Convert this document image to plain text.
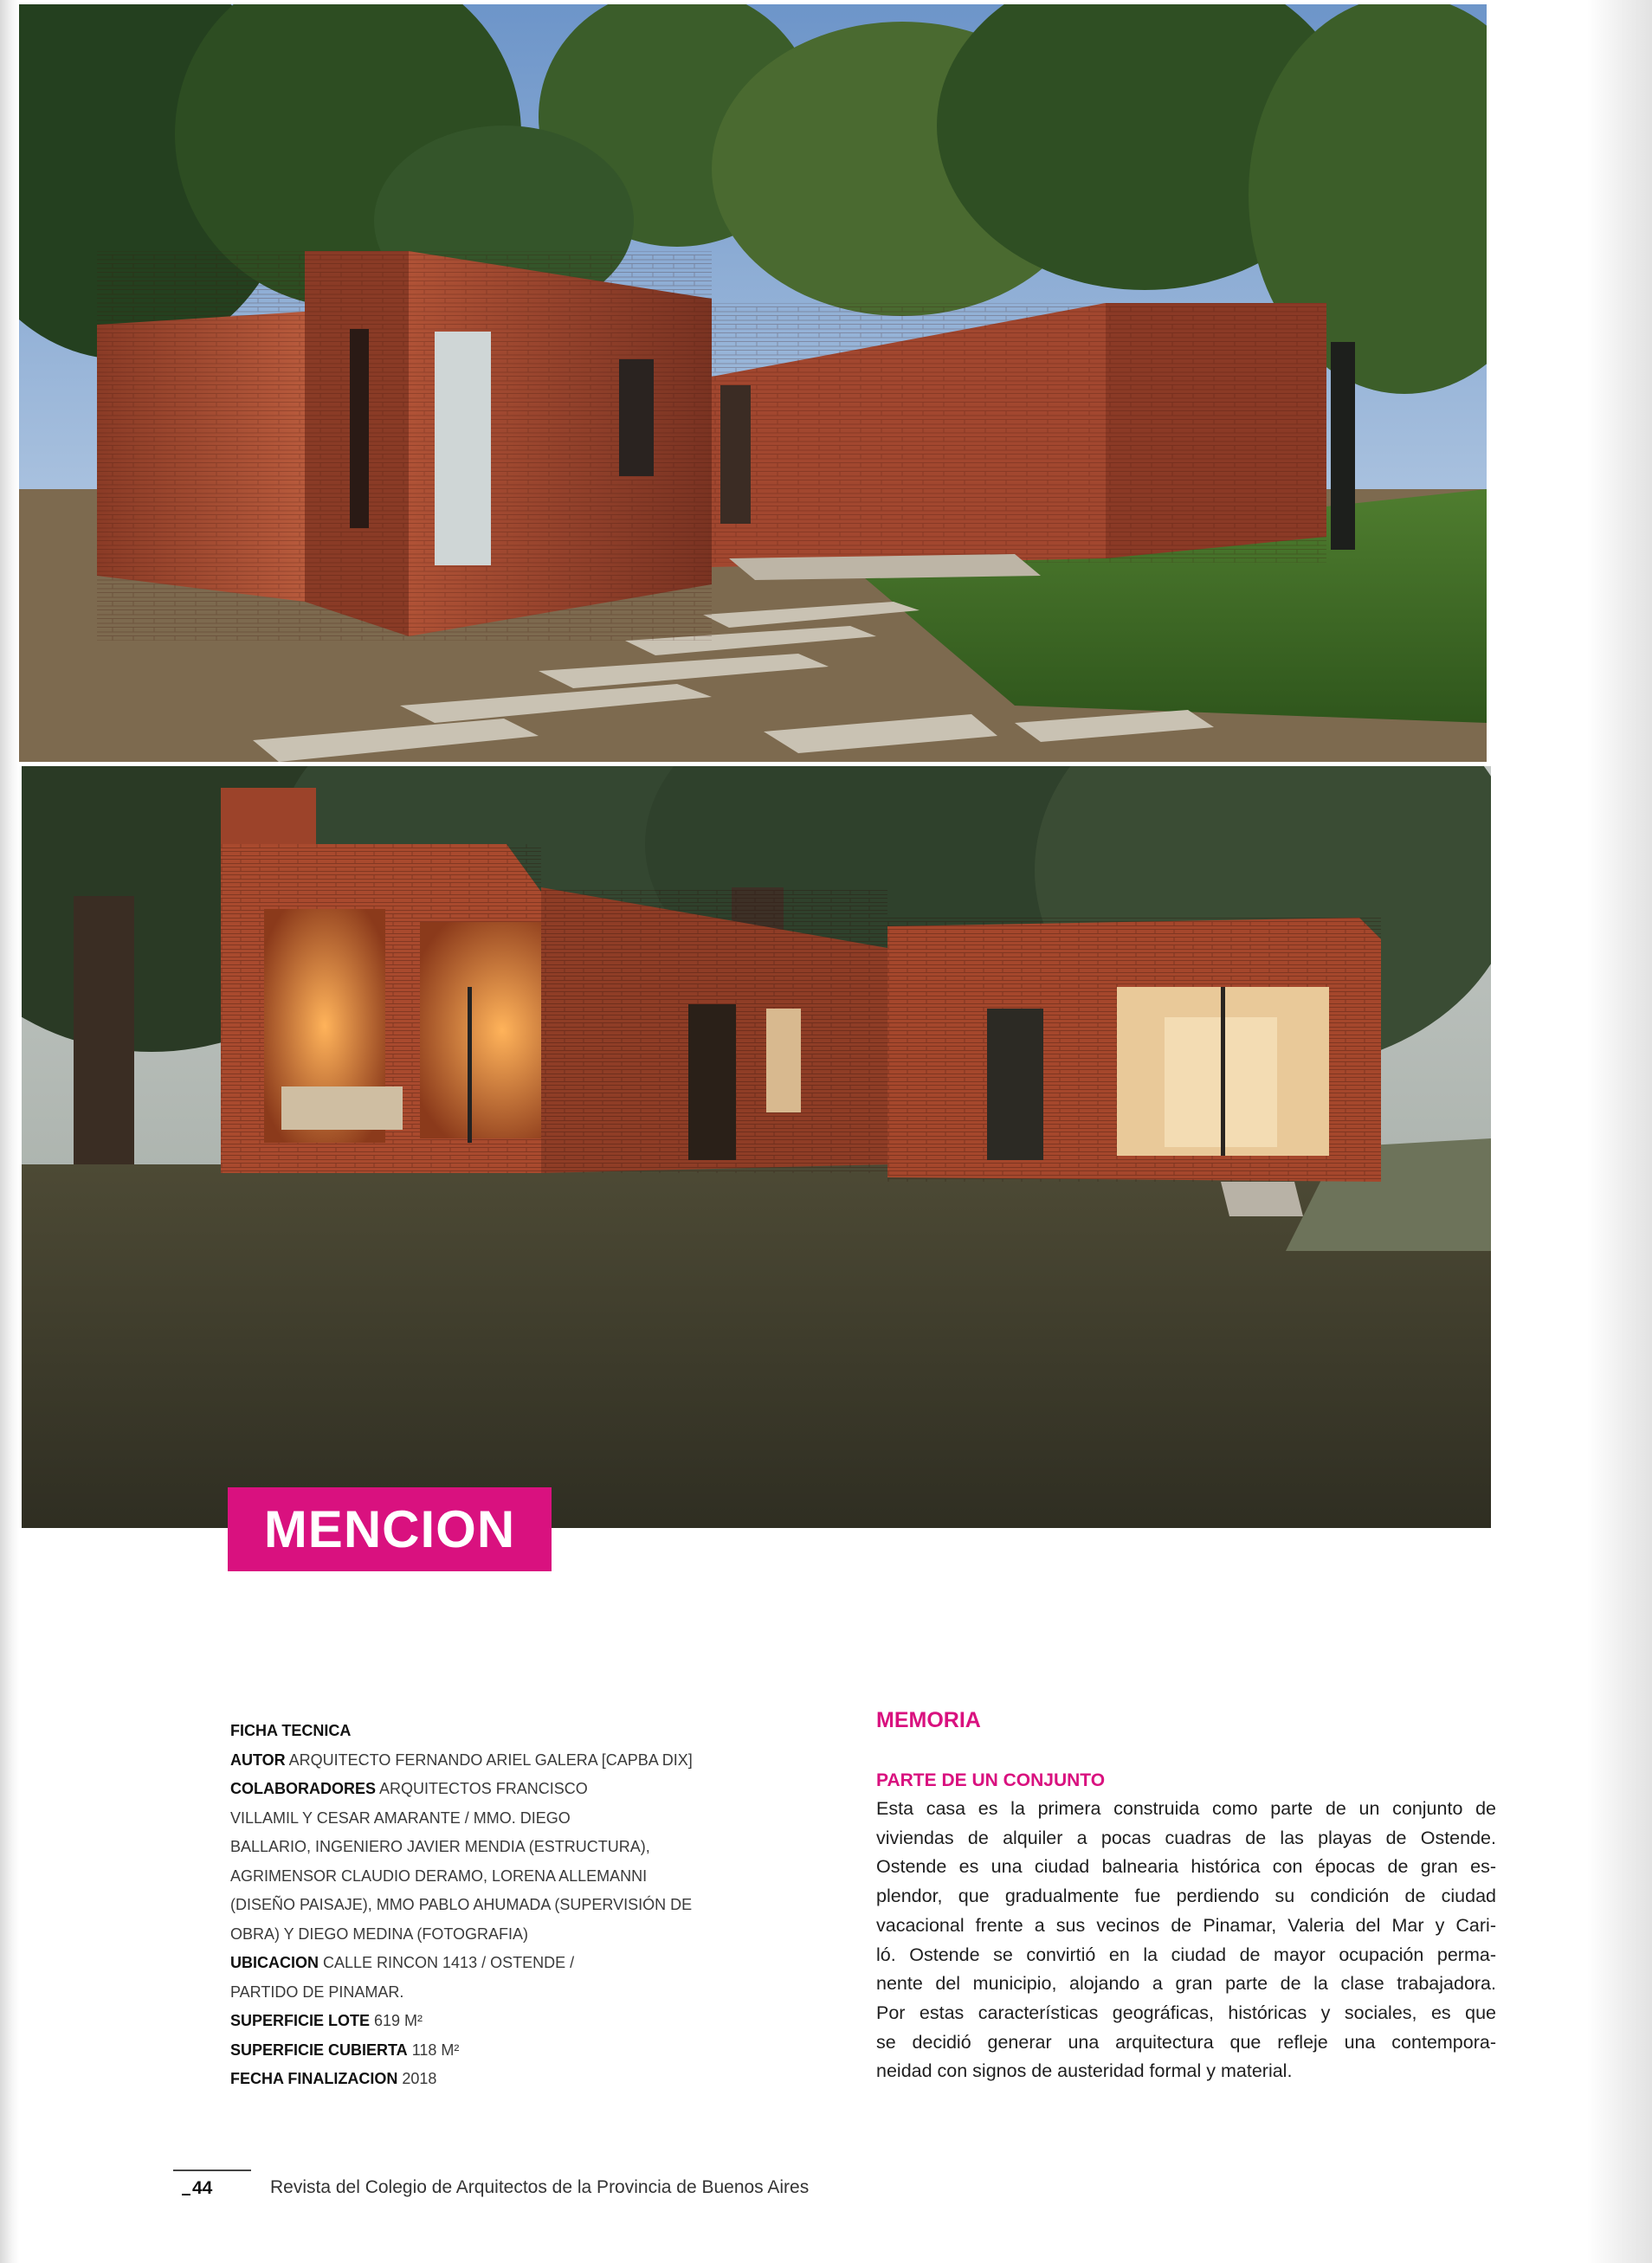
MENCION
FICHA TECNICA
AUTOR ARQUITECTO FERNANDO ARIEL GALERA [CAPBA DIX]
COLABORADORES ARQUITECTOS FRANCISCO
VILLAMIL Y CESAR AMARANTE / MMO. DIEGO
BALLARIO, INGENIERO JAVIER MENDIA (ESTRUCTURA),
AGRIMENSOR CLAUDIO DERAMO, LORENA ALLEMANNI
(DISEÑO PAISAJE), MMO PABLO AHUMADA (SUPERVISIÓN DE
OBRA) Y DIEGO MEDINA (FOTOGRAFIA)
UBICACION CALLE RINCON 1413 / OSTENDE /
PARTIDO DE PINAMAR.
SUPERFICIE LOTE 619 M²
SUPERFICIE CUBIERTA 118 M²
FECHA FINALIZACION 2018
MEMORIA
PARTE DE UN CONJUNTO
Esta casa es la primera construida como parte de un conjunto de
viviendas de alquiler a pocas cuadras de las playas de Ostende.
Ostende es una ciudad balnearia histórica con épocas de gran es-
plendor, que gradualmente fue perdiendo su condición de ciudad
vacacional frente a sus vecinos de Pinamar, Valeria del Mar y Cari-
ló. Ostende se convirtió en la ciudad de mayor ocupación perma-
nente del municipio, alojando a gran parte de la clase trabajadora.
Por estas características geográficas, históricas y sociales, es que
se decidió generar una arquitectura que refleje una contempora-
neidad con signos de austeridad formal y material.
44	Revista del Colegio de Arquitectos de la Provincia de Buenos Aires
